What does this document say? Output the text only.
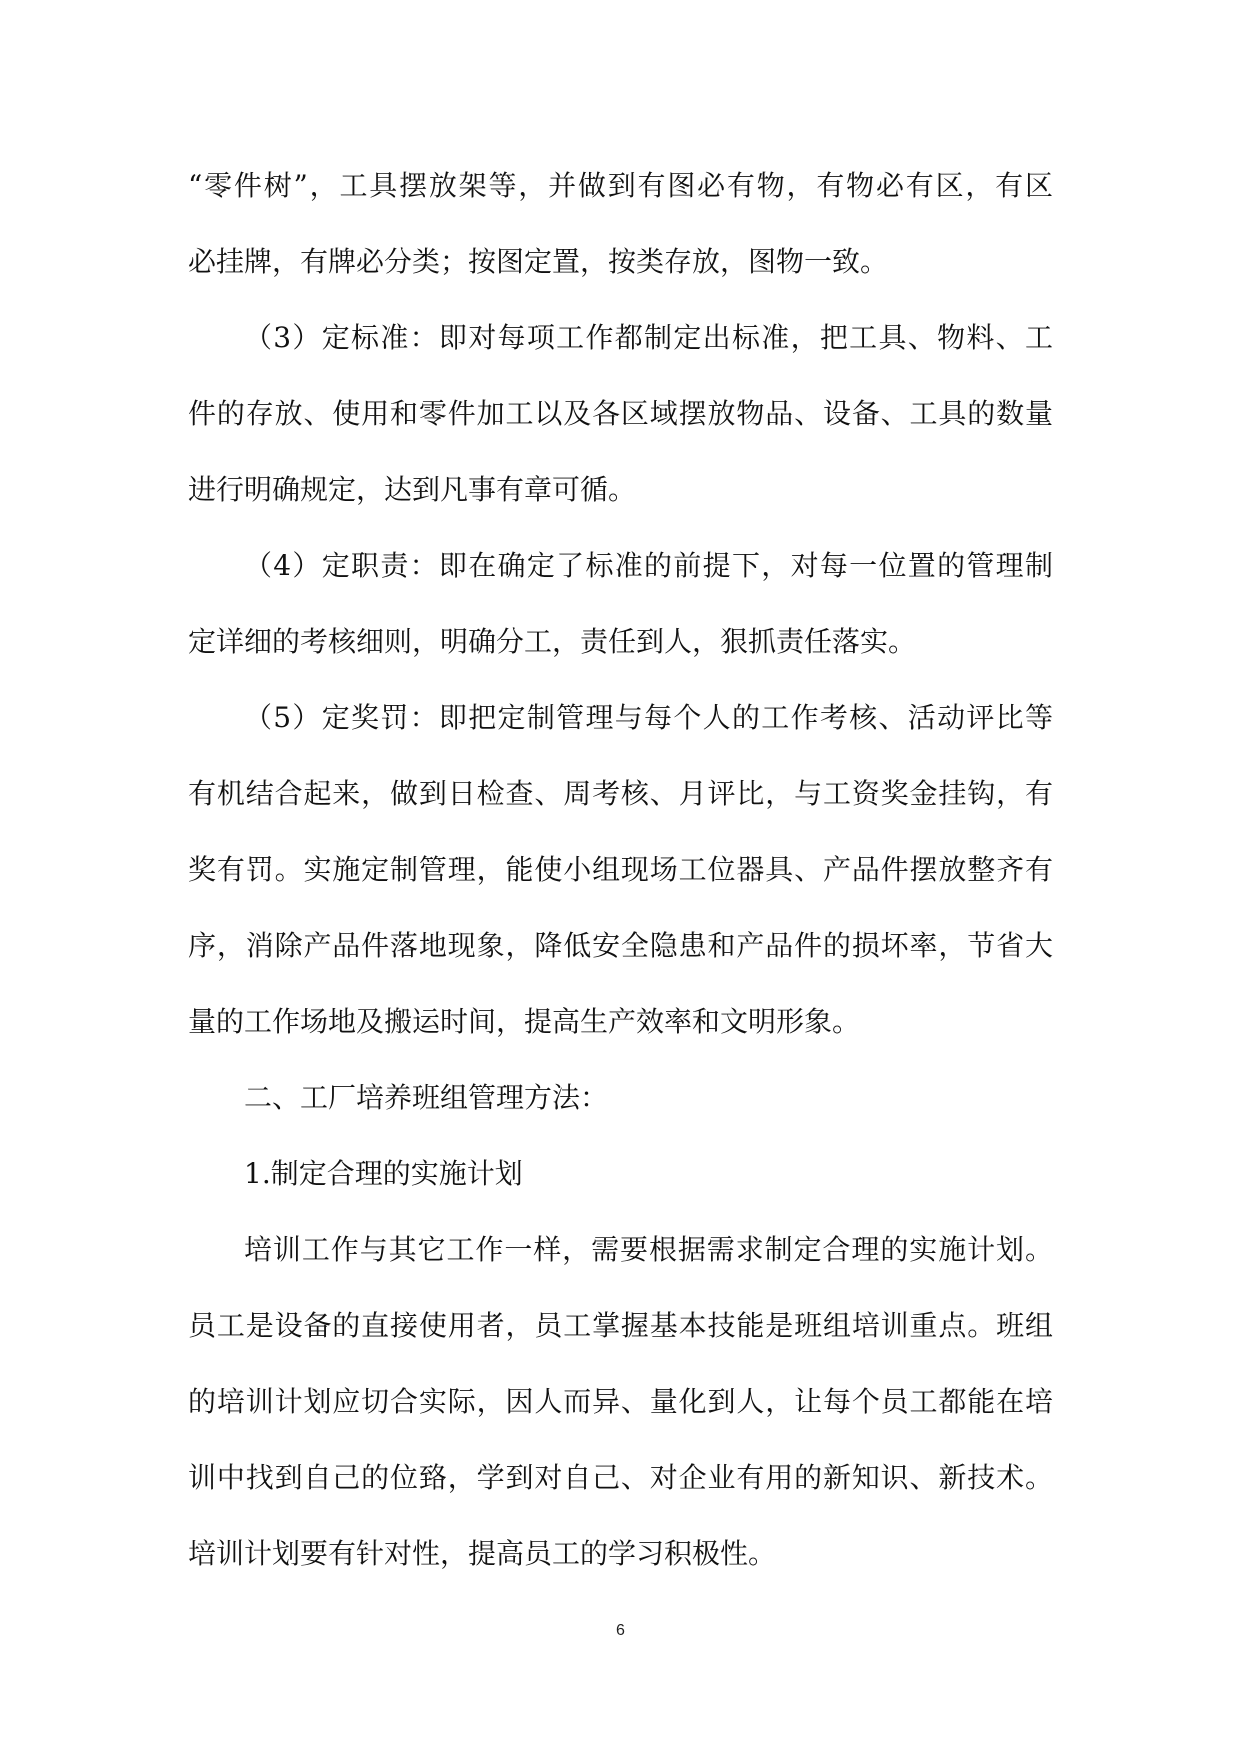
“零件树”，工具摆放架等，并做到有图必有物，有物必有区，有区
必挂牌，有牌必分类；按图定置，按类存放，图物一致。
（3）定标准：即对每项工作都制定出标准，把工具、物料、工
件的存放、使用和零件加工以及各区域摆放物品、设备、工具的数量
进行明确规定，达到凡事有章可循。
（4）定职责：即在确定了标准的前提下，对每一位置的管理制
定详细的考核细则，明确分工，责任到人，狠抓责任落实。
（5）定奖罚：即把定制管理与每个人的工作考核、活动评比等
有机结合起来，做到日检查、周考核、月评比，与工资奖金挂钩，有
奖有罚。实施定制管理，能使小组现场工位器具、产品件摆放整齐有
序，消除产品件落地现象，降低安全隐患和产品件的损坏率，节省大
量的工作场地及搬运时间，提高生产效率和文明形象。
二、工厂培养班组管理方法：
1.制定合理的实施计划
培训工作与其它工作一样，需要根据需求制定合理的实施计划。
员工是设备的直接使用者，员工掌握基本技能是班组培训重点。班组
的培训计划应切合实际，因人而异、量化到人，让每个员工都能在培
训中找到自己的位臵，学到对自己、对企业有用的新知识、新技术。
培训计划要有针对性，提高员工的学习积极性。
6
